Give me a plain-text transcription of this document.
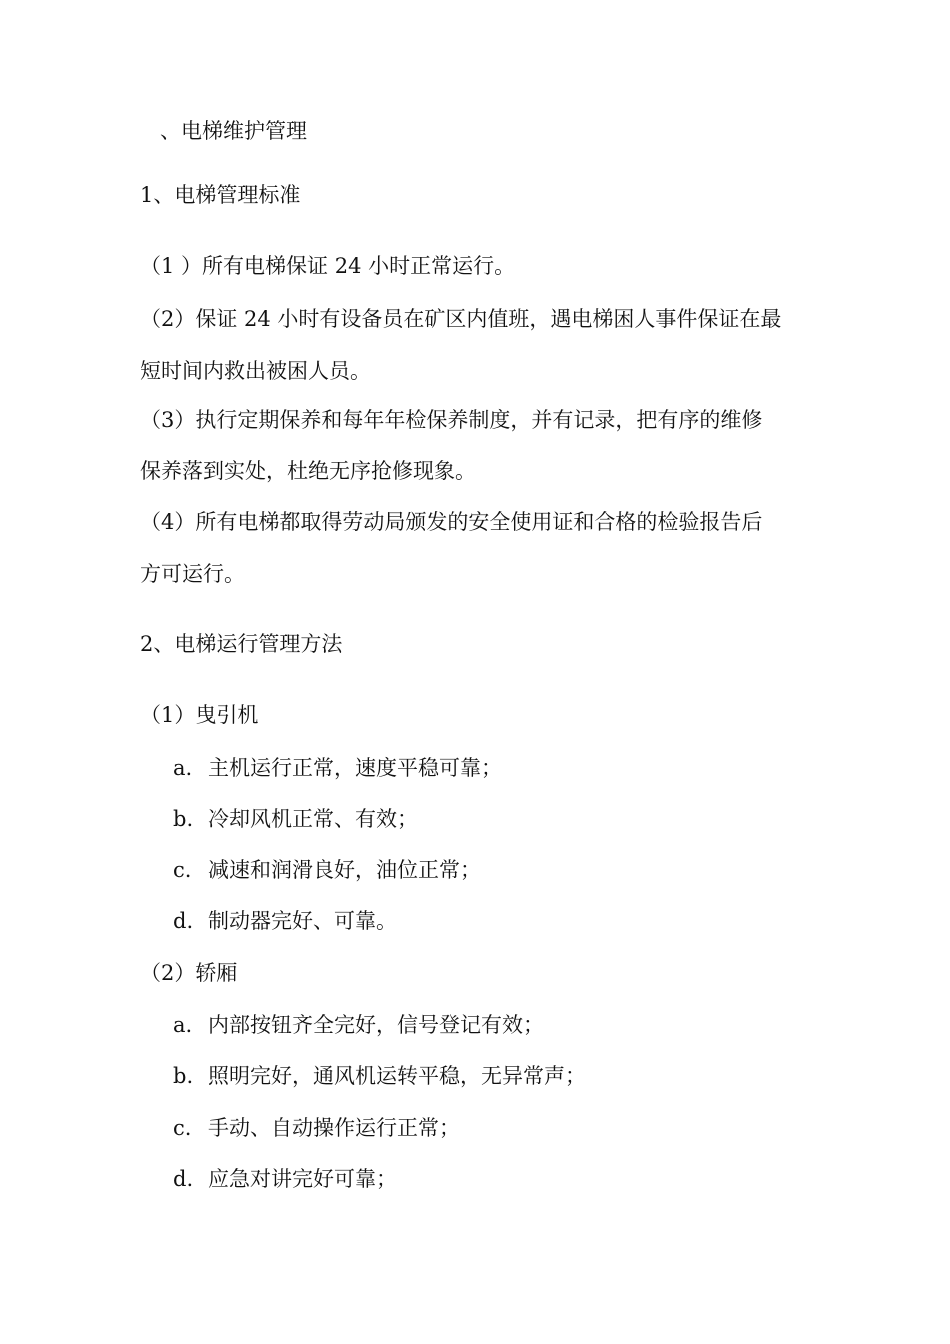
、电梯维护管理
1、电梯管理标准
（1 ）所有电梯保证 24 小时正常运行。
（2）保证 24 小时有设备员在矿区内值班，遇电梯困人事件保证在最
短时间内救出被困人员。
（3）执行定期保养和每年年检保养制度，并有记录，把有序的维修
保养落到实处，杜绝无序抢修现象。
（4）所有电梯都取得劳动局颁发的安全使用证和合格的检验报告后
方可运行。
2、电梯运行管理方法
（1）曳引机
a. 主机运行正常，速度平稳可靠；
b. 冷却风机正常、有效；
c. 减速和润滑良好，油位正常；
d. 制动器完好、可靠。
（2）轿厢
a. 内部按钮齐全完好，信号登记有效；
b. 照明完好，通风机运转平稳，无异常声；
c. 手动、自动操作运行正常；
d. 应急对讲完好可靠；
